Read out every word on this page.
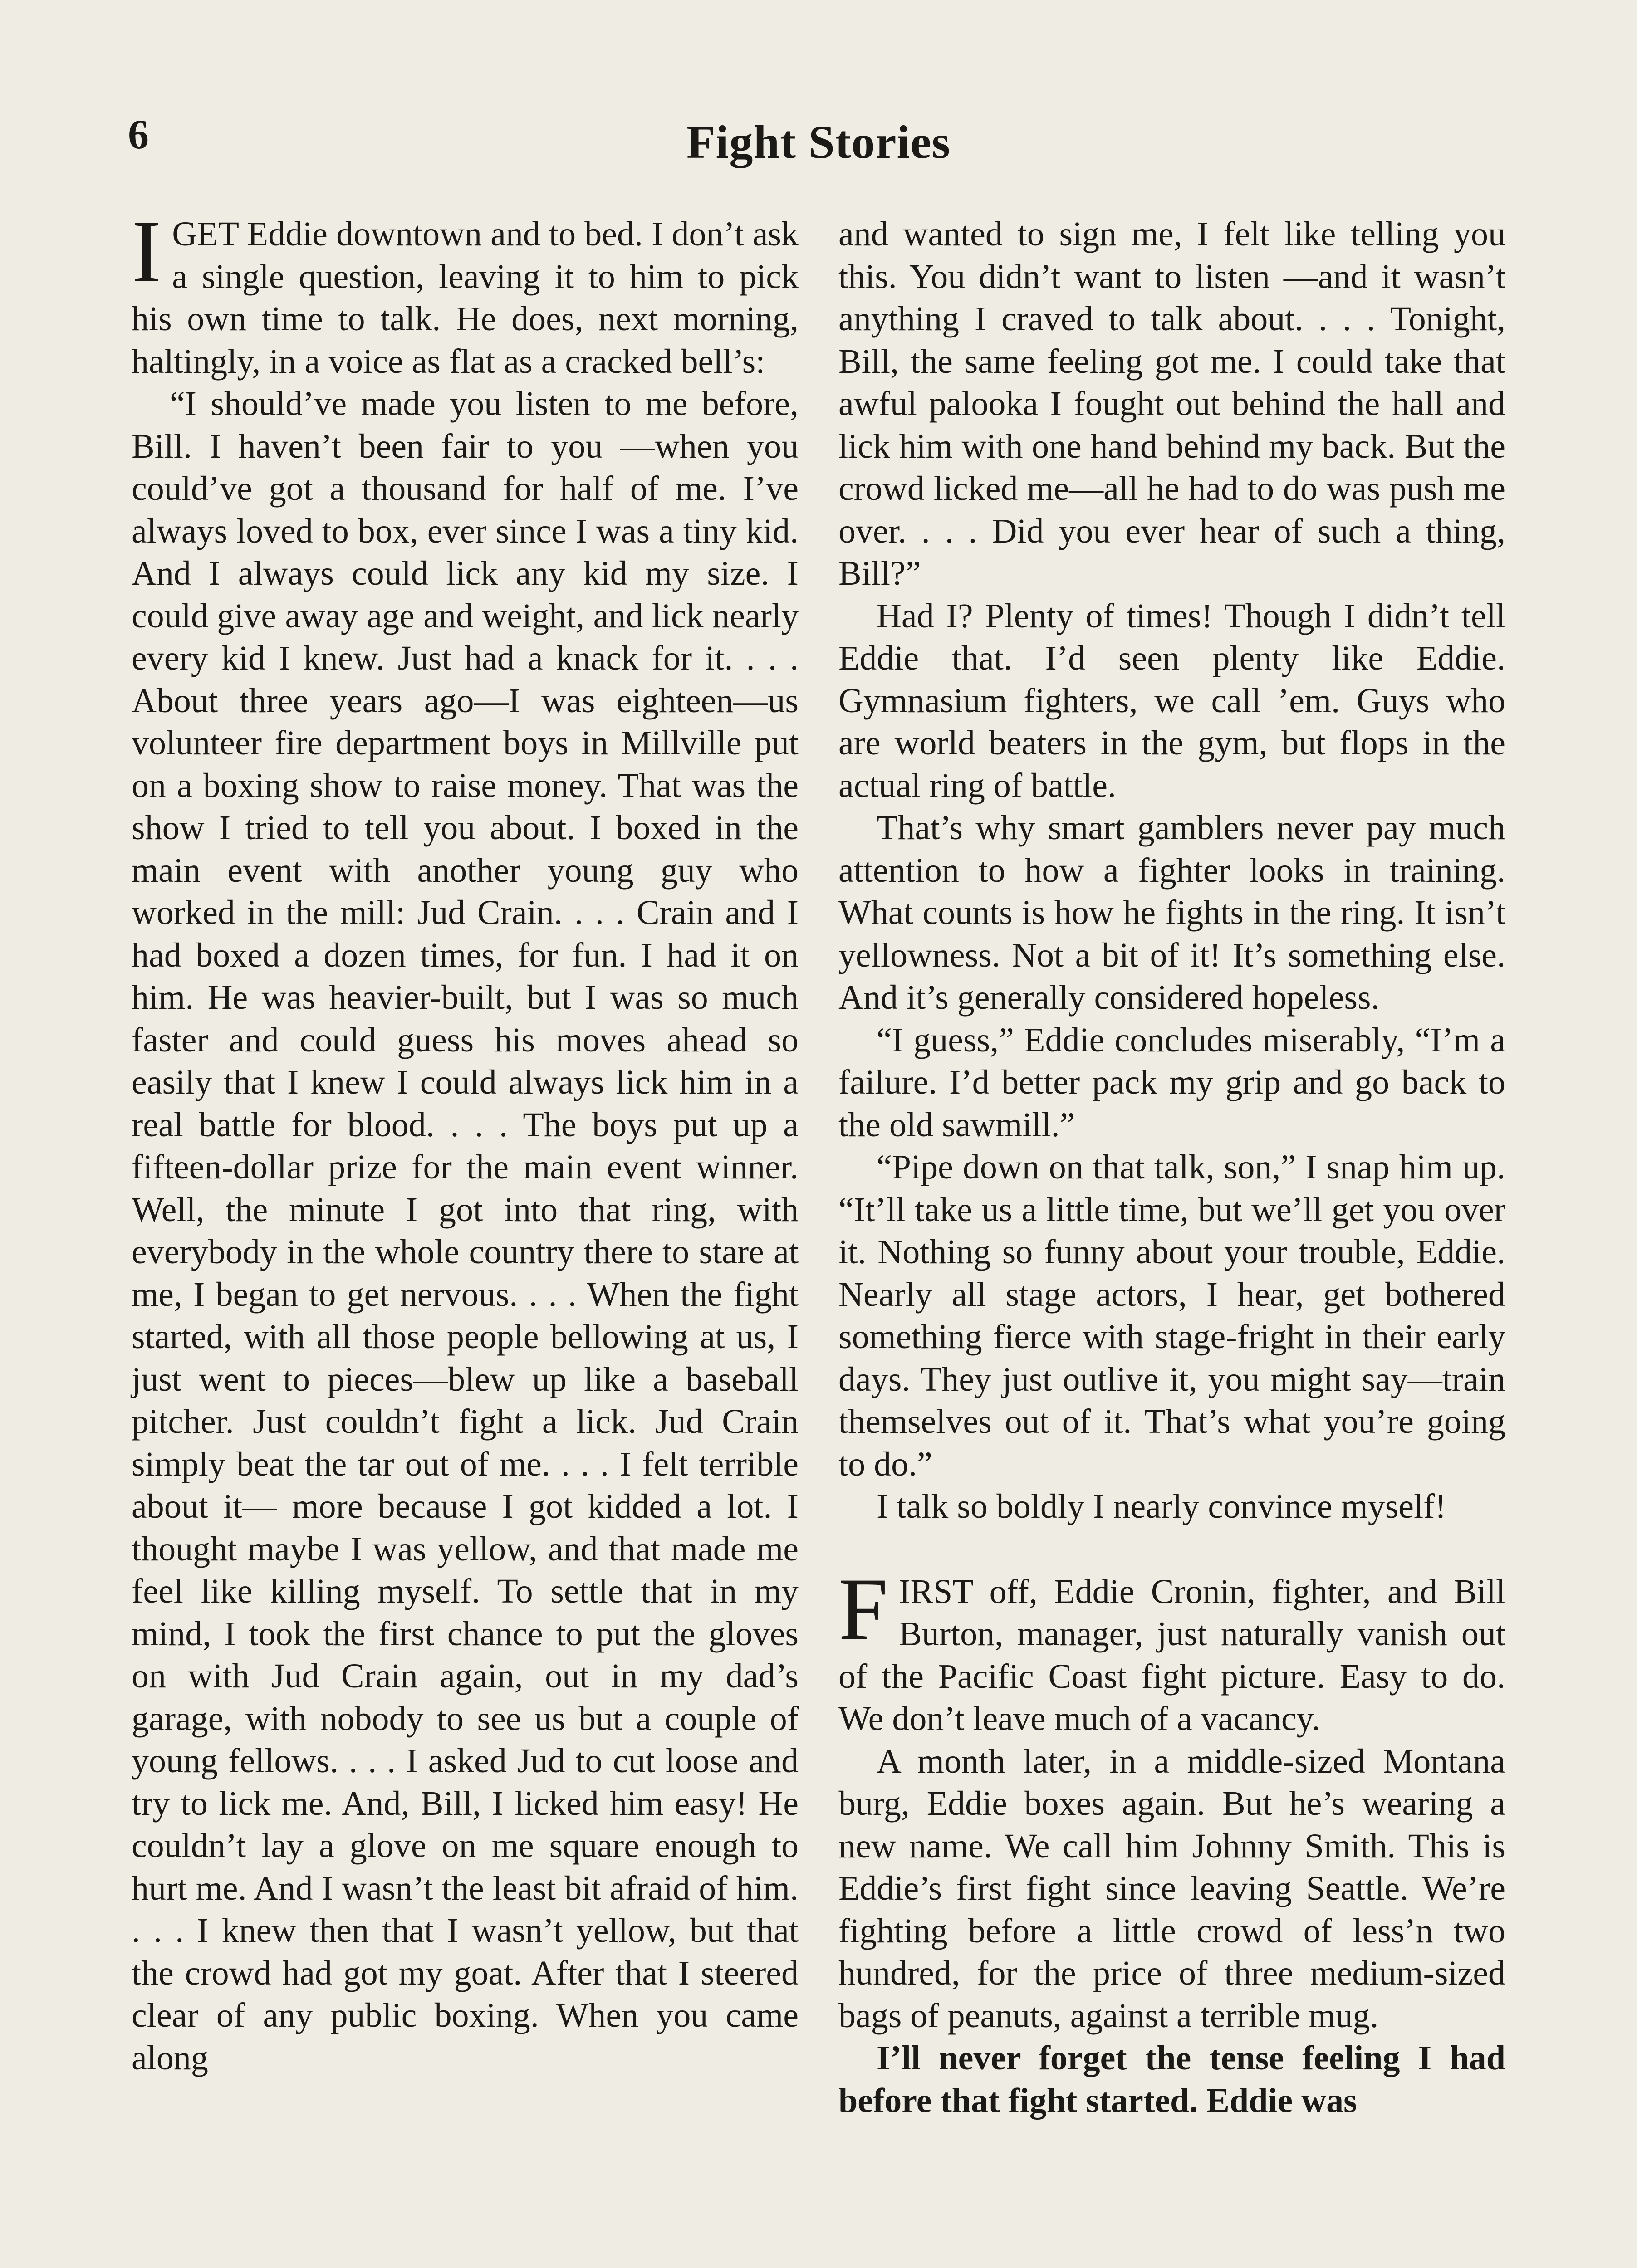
6	Fight Stories

IGET Eddie downtown and to bed. I don’t ask a single question, leaving it to him to pick his own time to talk. He does, next morning, haltingly, in a voice as flat as a cracked bell’s:

“I should’ve made you listen to me before, Bill. I haven’t been fair to you —when you could’ve got a thousand for half of me. I’ve always loved to box, ever since I was a tiny kid. And I always could lick any kid my size. I could give away age and weight, and lick nearly every kid I knew. Just had a knack for it. . . . About three years ago—I was eighteen—us volunteer fire department boys in Millville put on a boxing show to raise money. That was the show I tried to tell you about. I boxed in the main event with another young guy who worked in the mill: Jud Crain. . . . Crain and I had boxed a dozen times, for fun. I had it on him. He was heavier-built, but I was so much faster and could guess his moves ahead so easily that I knew I could always lick him in a real battle for blood. . . . The boys put up a fifteen-dollar prize for the main event winner. Well, the minute I got into that ring, with everybody in the whole country there to stare at me, I began to get nervous. . . . When the fight started, with all those people bellowing at us, I just went to pieces—blew up like a baseball pitcher. Just couldn’t fight a lick. Jud Crain simply beat the tar out of me. . . . I felt terrible about it— more because I got kidded a lot. I thought maybe I was yellow, and that made me feel like killing myself. To settle that in my mind, I took the first chance to put the gloves on with Jud Crain again, out in my dad’s garage, with nobody to see us but a couple of young fellows. . . . I asked Jud to cut loose and try to lick me. And, Bill, I licked him easy! He couldn’t lay a glove on me square enough to hurt me. And I wasn’t the least bit afraid of him. . . . I knew then that I wasn’t yellow, but that the crowd had got my goat. After that I steered clear of any public boxing. When you came along

and wanted to sign me, I felt like telling you this. You didn’t want to listen —and it wasn’t anything I craved to talk about. . . . Tonight, Bill, the same feeling got me. I could take that awful palooka I fought out behind the hall and lick him with one hand behind my back. But the crowd licked me—all he had to do was push me over. . . . Did you ever hear of such a thing, Bill?”

Had I? Plenty of times! Though I didn’t tell Eddie that. I’d seen plenty like Eddie. Gymnasium fighters, we call ’em. Guys who are world beaters in the gym, but flops in the actual ring of battle.

That’s why smart gamblers never pay much attention to how a fighter looks in training. What counts is how he fights in the ring. It isn’t yellowness. Not a bit of it! It’s something else. And it’s generally considered hopeless.

“I guess,” Eddie concludes miserably, “I’m a failure. I’d better pack my grip and go back to the old sawmill.”

“Pipe down on that talk, son,” I snap him up. “It’ll take us a little time, but we’ll get you over it. Nothing so funny about your trouble, Eddie. Nearly all stage actors, I hear, get bothered something fierce with stage-fright in their early days. They just outlive it, you might say—train themselves out of it. That’s what you’re going to do.”

I talk so boldly I nearly convince myself!

FIRST off, Eddie Cronin, fighter, and Bill Burton, manager, just naturally vanish out of the Pacific Coast fight picture. Easy to do. We don’t leave much of a vacancy.

A month later, in a middle-sized Montana burg, Eddie boxes again. But he’s wearing a new name. We call him Johnny Smith. This is Eddie’s first fight since leaving Seattle. We’re fighting before a little crowd of less’n two hundred, for the price of three medium-sized bags of peanuts, against a terrible mug.

I’ll never forget the tense feeling I had before that fight started. Eddie was
